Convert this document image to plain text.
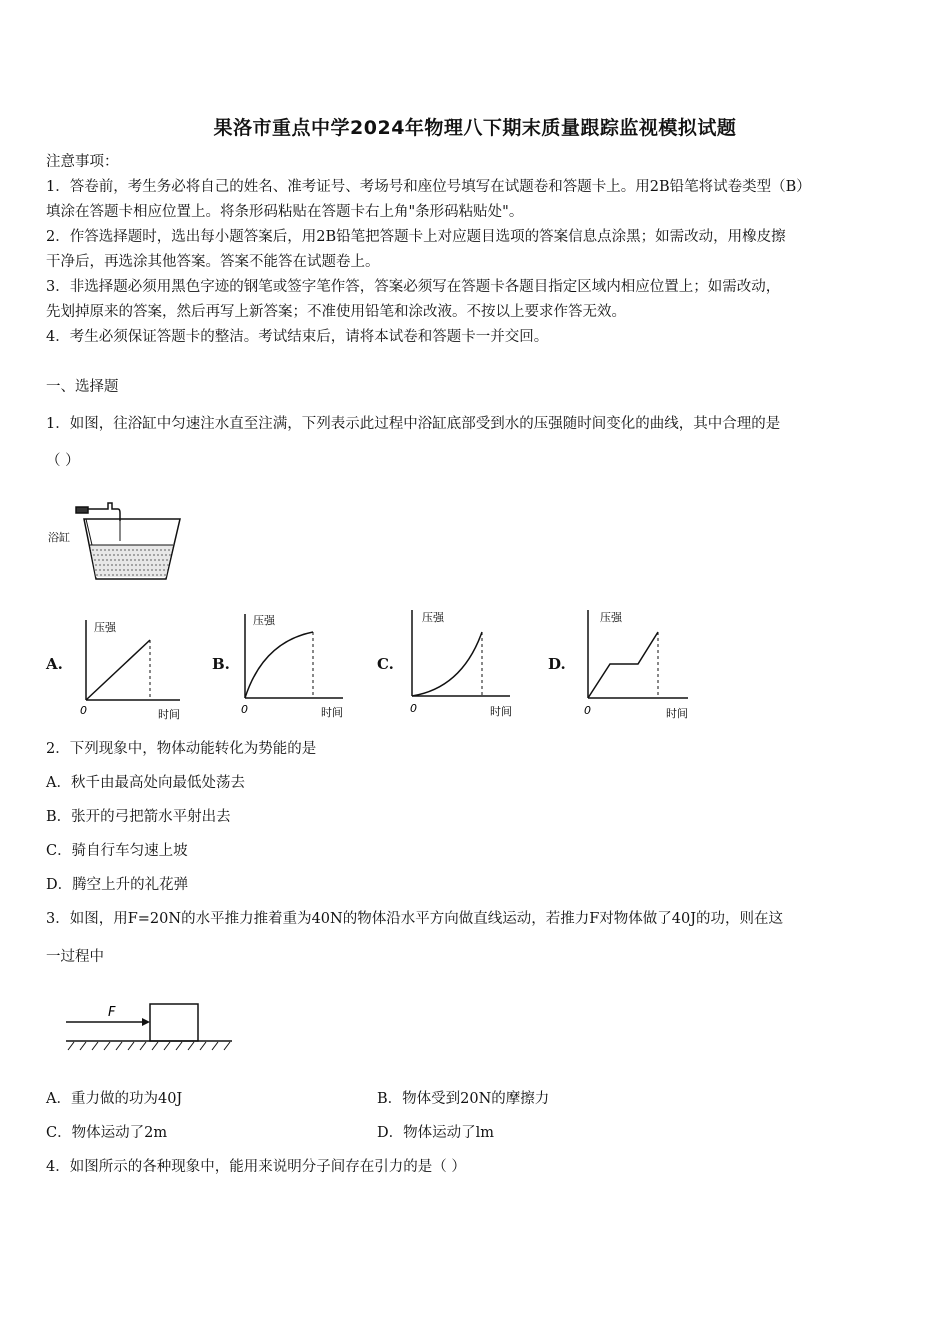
果洛市重点中学2024年物理八下期末质量跟踪监视模拟试题
注意事项：
1．答卷前，考生务必将自己的姓名、准考证号、考场号和座位号填写在试题卷和答题卡上。用2B铅笔将试卷类型（B）
填涂在答题卡相应位置上。将条形码粘贴在答题卡右上角"条形码粘贴处"。
2．作答选择题时，选出每小题答案后，用2B铅笔把答题卡上对应题目选项的答案信息点涂黑；如需改动，用橡皮擦
干净后，再选涂其他答案。答案不能答在试题卷上。
3．非选择题必须用黑色字迹的钢笔或签字笔作答，答案必须写在答题卡各题目指定区域内相应位置上；如需改动，
先划掉原来的答案，然后再写上新答案；不准使用铅笔和涂改液。不按以上要求作答无效。
4．考生必须保证答题卡的整洁。考试结束后，请将本试卷和答题卡一并交回。
一、选择题
1．如图，往浴缸中匀速注水直至注满，下列表示此过程中浴缸底部受到水的压强随时间变化的曲线，其中合理的是
（ ）
浴缸
A.	B.	C.	D.
压强
0	时间
压强
0	时间
压强
0	时间
压强
0	时间
2．下列现象中，物体动能转化为势能的是
A．秋千由最高处向最低处荡去
B．张开的弓把箭水平射出去
C．骑自行车匀速上坡
D．腾空上升的礼花弹
3．如图，用F=20N的水平推力推着重为40N的物体沿水平方向做直线运动，若推力F对物体做了40J的功，则在这
一过程中
F
A．重力做的功为40J	B．物体受到20N的摩擦力
C．物体运动了2m	D．物体运动了lm
4．如图所示的各种现象中，能用来说明分子间存在引力的是（ ）
